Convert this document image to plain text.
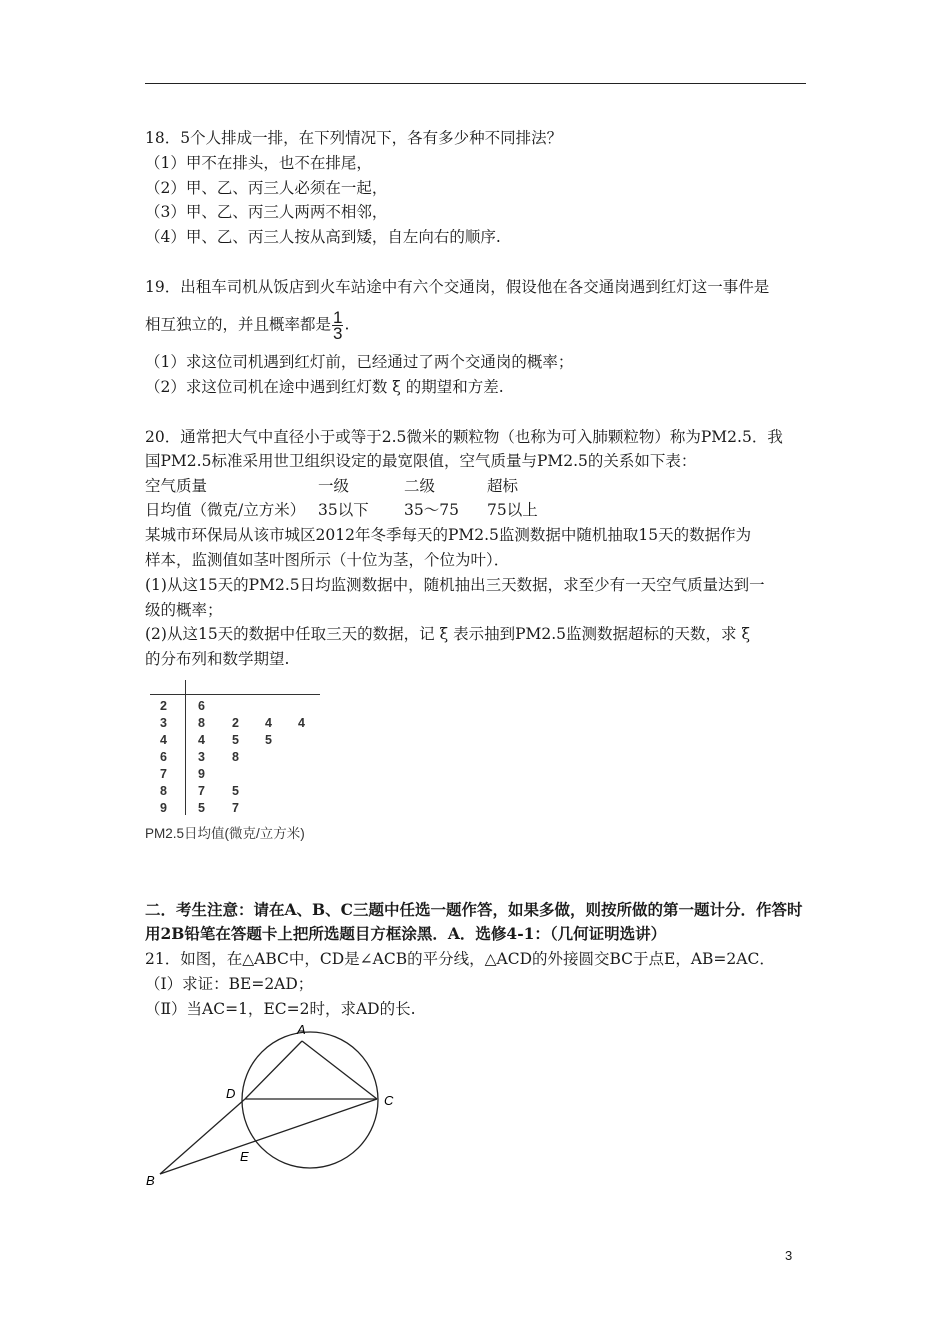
18．5个人排成一排，在下列情况下，各有多少种不同排法？
（1）甲不在排头，也不在排尾，
（2）甲、乙、丙三人必须在一起，
（3）甲、乙、丙三人两两不相邻，
（4）甲、乙、丙三人按从高到矮，自左向右的顺序.
19．出租车司机从饭店到火车站途中有六个交通岗，假设他在各交通岗遇到红灯这一事件是
相互独立的，并且概率都是 $\frac{1}{3}$ .
（1）求这位司机遇到红灯前，已经通过了两个交通岗的概率；
（2）求这位司机在途中遇到红灯数 ξ 的期望和方差.
20．通常把大气中直径小于或等于2.5微米的颗粒物（也称为可入肺颗粒物）称为PM2.5．我
国PM2.5标准采用世卫组织设定的最宽限值，空气质量与PM2.5的关系如下表：
空气质量	一级	二级	超标
日均值（微克/立方米） 35以下 35～75 75以上
某城市环保局从该市城区2012年冬季每天的PM2.5监测数据中随机抽取15天的数据作为
样本，监测值如茎叶图所示（十位为茎，个位为叶）．
(1)从这15天的PM2.5日均监测数据中，随机抽出三天数据，求至少有一天空气质量达到一
级的概率；
(2)从这15天的数据中任取三天的数据，记 ξ 表示抽到PM2.5监测数据超标的天数，求 ξ
的分布列和数学期望.
2	6
3	8	2	4	4
4	4	5	5
6	3	8
7	9
8	7	5
9	5	7
PM2.5日均值(微克/立方米)
二．考生注意：请在A、B、C三题中任选一题作答，如果多做，则按所做的第一题计分．作答时
用2B铅笔在答题卡上把所选题目方框涂黑．A．选修4-1：（几何证明选讲）
21．如图，在△ABC中，CD是∠ACB的平分线，△ACD的外接圆交BC于点E，AB=2AC．
（Ⅰ）求证：BE=2AD；
（Ⅱ）当AC=1，EC=2时，求AD的长.
A
D	C
E
B
3
